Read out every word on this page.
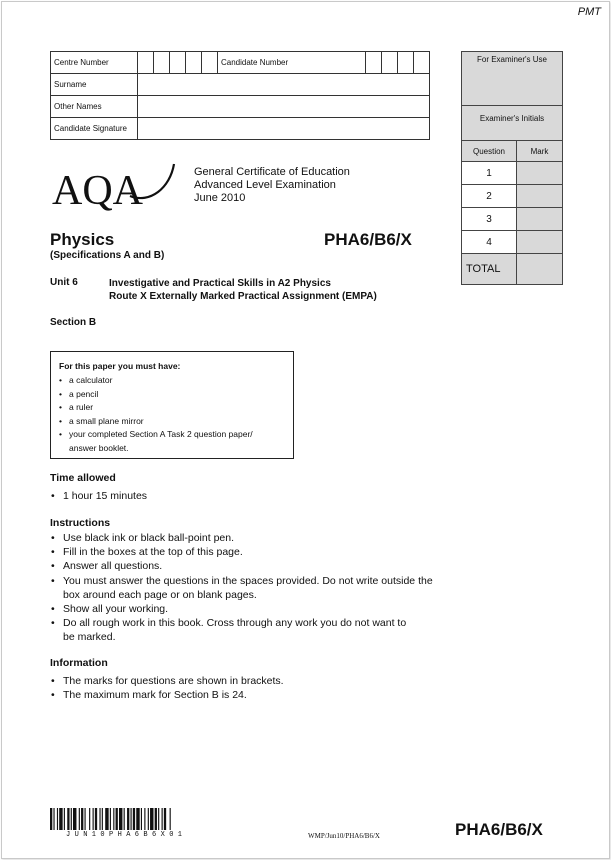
PMT
Centre Number						Candidate Number				
Surname										
Other Names										
Candidate Signature										
For Examiner's Use
Examiner's Initials
Question	Mark
1	
2	
3	
4	
TOTAL	
AQA	General Certificate of Education
Advanced Level Examination
June 2010
Physics
(Specifications A and B)
PHA6/B6/X
Unit 6	Investigative and Practical Skills in A2 Physics
Route X Externally Marked Practical Assignment (EMPA)
Section B
For this paper you must have:
• a calculator
• a pencil
• a ruler
• a small plane mirror
• your completed Section A Task 2 question paper/ answer booklet.
Time allowed
• 1 hour 15 minutes
Instructions
• Use black ink or black ball-point pen.
• Fill in the boxes at the top of this page.
• Answer all questions.
• You must answer the questions in the spaces provided. Do not write outside the box around each page or on blank pages.
• Show all your working.
• Do all rough work in this book. Cross through any work you do not want to be marked.
Information
• The marks for questions are shown in brackets.
• The maximum mark for Section B is 24.
JUN10PHA6B6X01	WMP/Jun10/PHA6/B6/X	PHA6/B6/X
